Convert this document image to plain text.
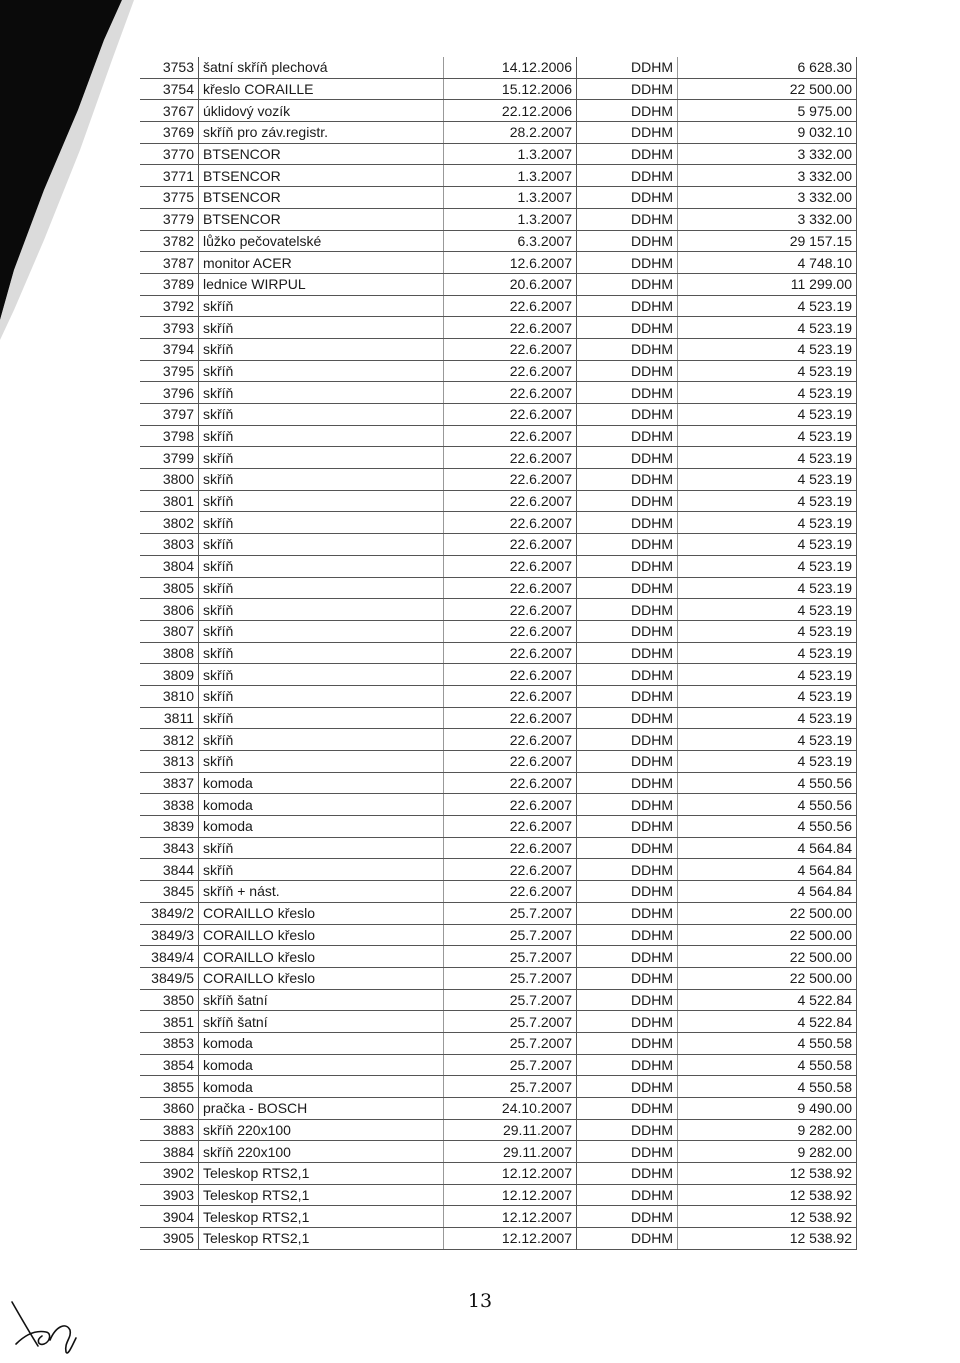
3753	šatní skříň plechová	14.12.2006	DDHM	6 628.30
3754	křeslo CORAILLE	15.12.2006	DDHM	22 500.00
3767	úklidový vozík	22.12.2006	DDHM	5 975.00
3769	skříň pro záv.registr.	28.2.2007	DDHM	9 032.10
3770	BTSENCOR	1.3.2007	DDHM	3 332.00
3771	BTSENCOR	1.3.2007	DDHM	3 332.00
3775	BTSENCOR	1.3.2007	DDHM	3 332.00
3779	BTSENCOR	1.3.2007	DDHM	3 332.00
3782	lůžko pečovatelské	6.3.2007	DDHM	29 157.15
3787	monitor ACER	12.6.2007	DDHM	4 748.10
3789	lednice WIRPUL	20.6.2007	DDHM	11 299.00
3792	skříň	22.6.2007	DDHM	4 523.19
3793	skříň	22.6.2007	DDHM	4 523.19
3794	skříň	22.6.2007	DDHM	4 523.19
3795	skříň	22.6.2007	DDHM	4 523.19
3796	skříň	22.6.2007	DDHM	4 523.19
3797	skříň	22.6.2007	DDHM	4 523.19
3798	skříň	22.6.2007	DDHM	4 523.19
3799	skříň	22.6.2007	DDHM	4 523.19
3800	skříň	22.6.2007	DDHM	4 523.19
3801	skříň	22.6.2007	DDHM	4 523.19
3802	skříň	22.6.2007	DDHM	4 523.19
3803	skříň	22.6.2007	DDHM	4 523.19
3804	skříň	22.6.2007	DDHM	4 523.19
3805	skříň	22.6.2007	DDHM	4 523.19
3806	skříň	22.6.2007	DDHM	4 523.19
3807	skříň	22.6.2007	DDHM	4 523.19
3808	skříň	22.6.2007	DDHM	4 523.19
3809	skříň	22.6.2007	DDHM	4 523.19
3810	skříň	22.6.2007	DDHM	4 523.19
3811	skříň	22.6.2007	DDHM	4 523.19
3812	skříň	22.6.2007	DDHM	4 523.19
3813	skříň	22.6.2007	DDHM	4 523.19
3837	komoda	22.6.2007	DDHM	4 550.56
3838	komoda	22.6.2007	DDHM	4 550.56
3839	komoda	22.6.2007	DDHM	4 550.56
3843	skříň	22.6.2007	DDHM	4 564.84
3844	skříň	22.6.2007	DDHM	4 564.84
3845	skříň + nást.	22.6.2007	DDHM	4 564.84
3849/2	CORAILLO křeslo	25.7.2007	DDHM	22 500.00
3849/3	CORAILLO křeslo	25.7.2007	DDHM	22 500.00
3849/4	CORAILLO křeslo	25.7.2007	DDHM	22 500.00
3849/5	CORAILLO křeslo	25.7.2007	DDHM	22 500.00
3850	skříň šatní	25.7.2007	DDHM	4 522.84
3851	skříň šatní	25.7.2007	DDHM	4 522.84
3853	komoda	25.7.2007	DDHM	4 550.58
3854	komoda	25.7.2007	DDHM	4 550.58
3855	komoda	25.7.2007	DDHM	4 550.58
3860	pračka - BOSCH	24.10.2007	DDHM	9 490.00
3883	skříň 220x100	29.11.2007	DDHM	9 282.00
3884	skříň 220x100	29.11.2007	DDHM	9 282.00
3902	Teleskop RTS2,1	12.12.2007	DDHM	12 538.92
3903	Teleskop RTS2,1	12.12.2007	DDHM	12 538.92
3904	Teleskop RTS2,1	12.12.2007	DDHM	12 538.92
3905	Teleskop RTS2,1	12.12.2007	DDHM	12 538.92
13
